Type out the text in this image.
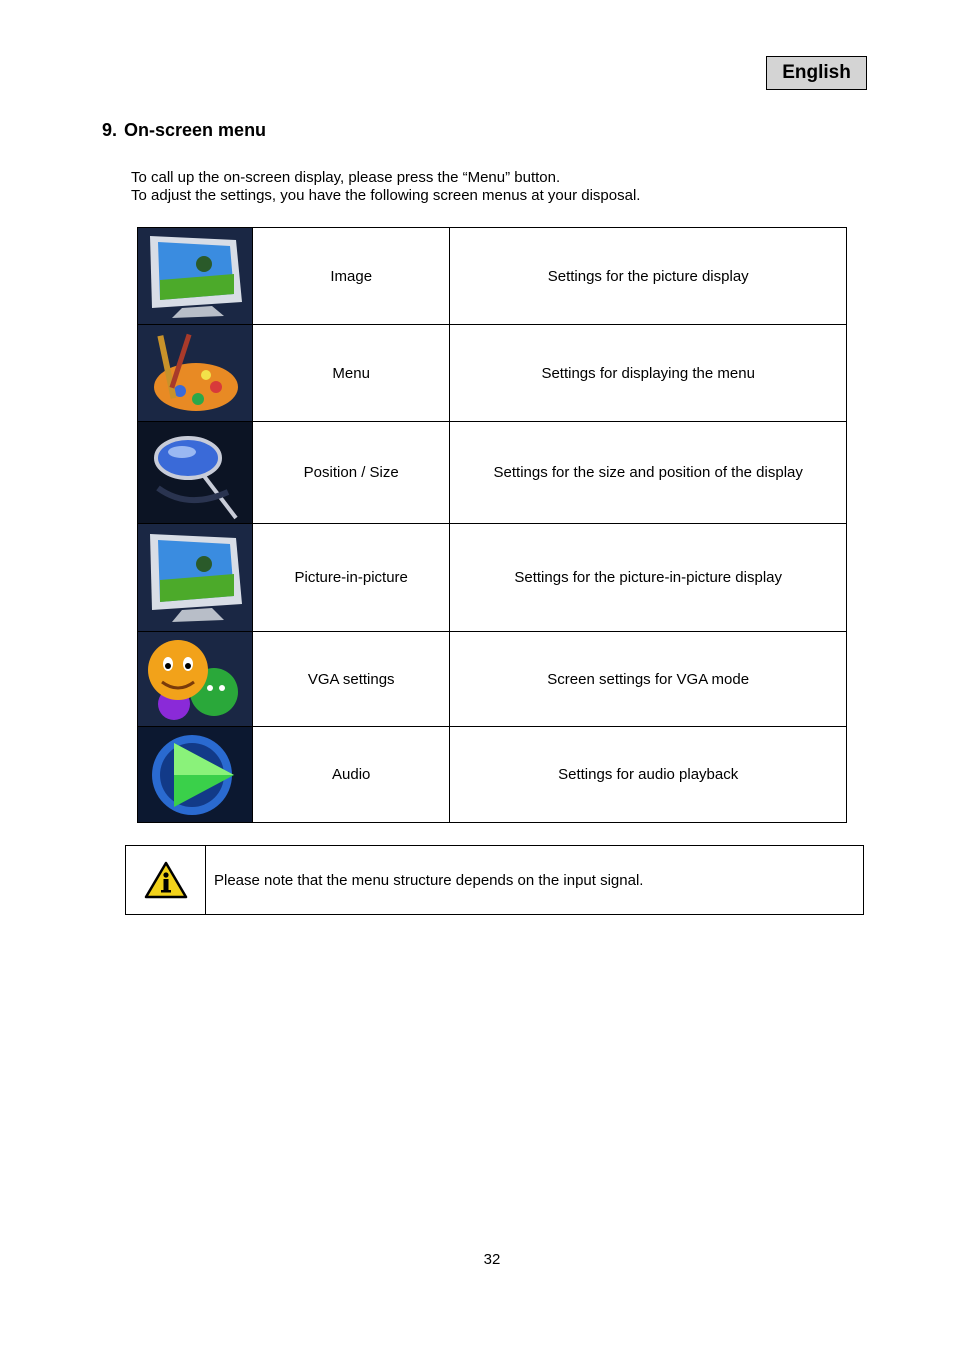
English
9. On-screen menu

To call up the on-screen display, please press the “Menu” button.

To adjust the settings, you have the following screen menus at your disposal.

	Image	Settings for the picture display

	Menu	Settings for displaying the menu

	Position / Size	Settings for the size and position of the display

	Picture-in-picture	Settings for the picture-in-picture display

	VGA settings	Screen settings for VGA mode

	Audio	Settings for audio playback
Please note that the menu structure depends on the input signal.
32
